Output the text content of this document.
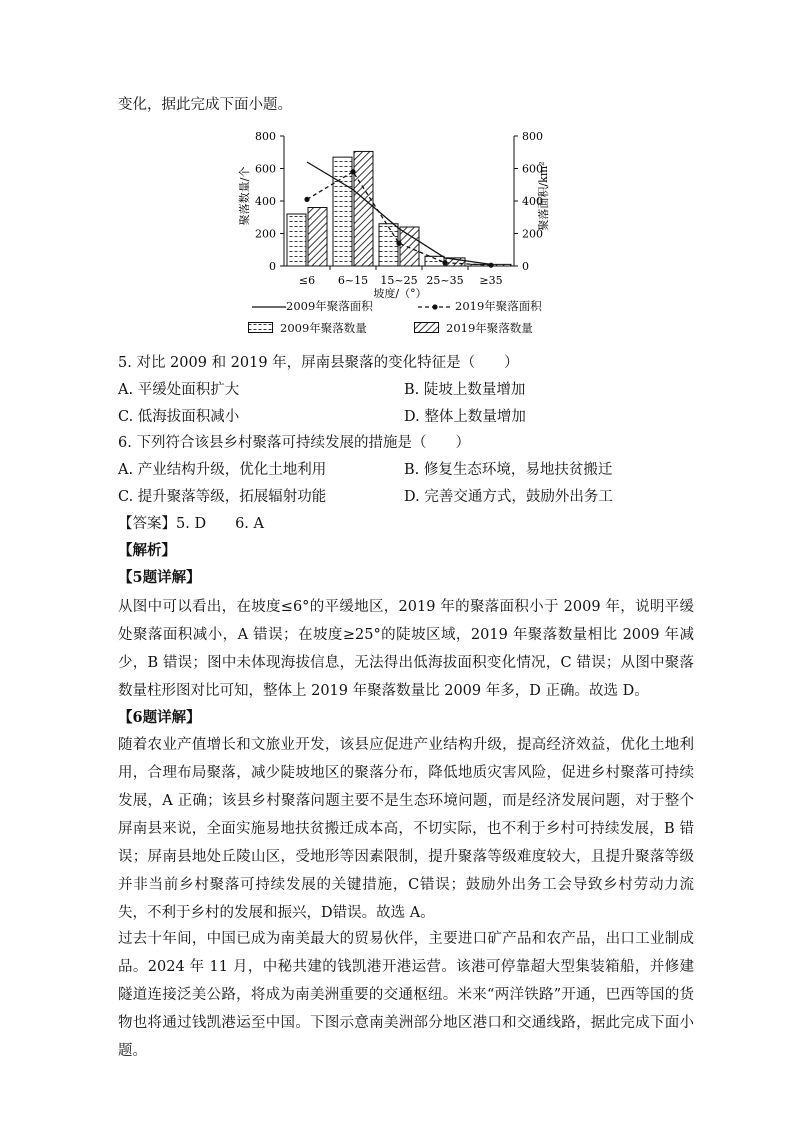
变化，据此完成下面小题。
0	0
200	200
400	400
600	600
800	800
≤6 6~15 15~25 25~35 ≥35
聚落数量/个	聚落面积/km²
坡度/（°）
2009年聚落面积	2019年聚落面积
2009年聚落数量	2019年聚落数量
5. 对比 2009 和 2019 年，屏南县聚落的变化特征是（　　）
A. 平缓处面积扩大	B. 陡坡上数量增加
C. 低海拔面积减小	D. 整体上数量增加
6. 下列符合该县乡村聚落可持续发展的措施是（　　）
A. 产业结构升级，优化土地利用	B. 修复生态环境，易地扶贫搬迁
C. 提升聚落等级，拓展辐射功能	D. 完善交通方式，鼓励外出务工
【答案】5. D　　6. A
【解析】
【5题详解】

从图中可以看出，在坡度≤6°的平缓地区，2019 年的聚落面积小于 2009 年，说明平缓处聚落面积减小，A 错误；在坡度≥25°的陡坡区域，2019 年聚落数量相比 2009 年减少，B 错误；图中未体现海拔信息，无法得出低海拔面积变化情况，C 错误；从图中聚落数量柱形图对比可知，整体上 2019 年聚落数量比 2009 年多，D 正确。故选 D。

【6题详解】

随着农业产值增长和文旅业开发，该县应促进产业结构升级，提高经济效益，优化土地利用，合理布局聚落，减少陡坡地区的聚落分布，降低地质灾害风险，促进乡村聚落可持续发展，A 正确；该县乡村聚落问题主要不是生态环境问题，而是经济发展问题，对于整个屏南县来说，全面实施易地扶贫搬迁成本高，不切实际，也不利于乡村可持续发展，B 错误；屏南县地处丘陵山区，受地形等因素限制，提升聚落等级难度较大，且提升聚落等级并非当前乡村聚落可持续发展的关键措施，C错误；鼓励外出务工会导致乡村劳动力流失，不利于乡村的发展和振兴，D错误。故选 A。

过去十年间，中国已成为南美最大的贸易伙伴，主要进口矿产品和农产品，出口工业制成品。2024 年 11 月，中秘共建的钱凯港开港运营。该港可停靠超大型集装箱船，并修建隧道连接泛美公路，将成为南美洲重要的交通枢纽。米来“两洋铁路”开通，巴西等国的货物也将通过钱凯港运至中国。下图示意南美洲部分地区港口和交通线路，据此完成下面小题。
